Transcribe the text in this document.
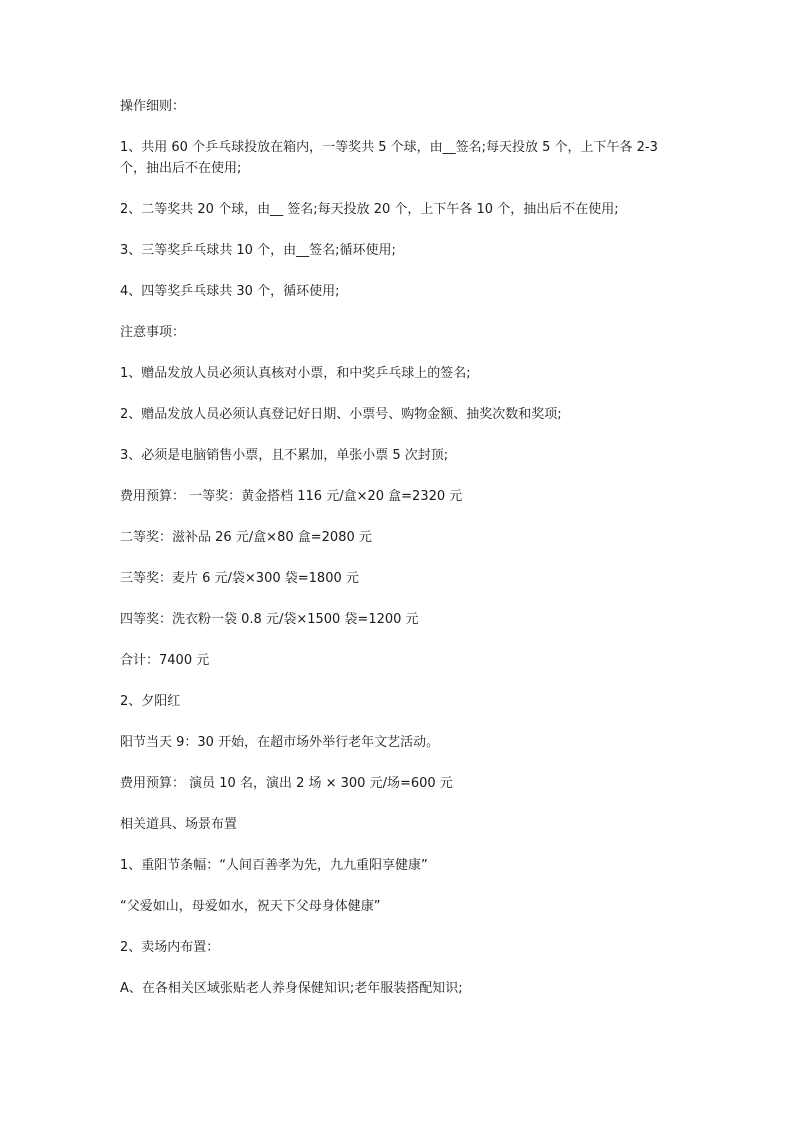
操作细则：

1、共用 60 个乒乓球投放在箱内，一等奖共 5 个球，由__签名;每天投放 5 个，上下午各 2-3 个，抽出后不在使用;

2、二等奖共 20 个球，由__ 签名;每天投放 20 个，上下午各 10 个，抽出后不在使用;

3、三等奖乒乓球共 10 个，由__签名;循环使用;

4、四等奖乒乓球共 30 个，循环使用;

注意事项：

1、赠品发放人员必须认真核对小票，和中奖乒乓球上的签名;

2、赠品发放人员必须认真登记好日期、小票号、购物金额、抽奖次数和奖项;

3、必须是电脑销售小票，且不累加，单张小票 5 次封顶;

费用预算： 一等奖：黄金搭档 116 元/盒×20 盒=2320 元

二等奖：滋补品 26 元/盒×80 盒=2080 元

三等奖：麦片 6 元/袋×300 袋=1800 元

四等奖：洗衣粉一袋 0.8 元/袋×1500 袋=1200 元

合计：7400 元

2、夕阳红

阳节当天 9：30 开始，在超市场外举行老年文艺活动。

费用预算： 演员 10 名，演出 2 场 × 300 元/场=600 元

相关道具、场景布置

1、重阳节条幅：“人间百善孝为先，九九重阳享健康”

“父爱如山，母爱如水，祝天下父母身体健康”

2、卖场内布置：

A、在各相关区域张贴老人养身保健知识;老年服装搭配知识;
